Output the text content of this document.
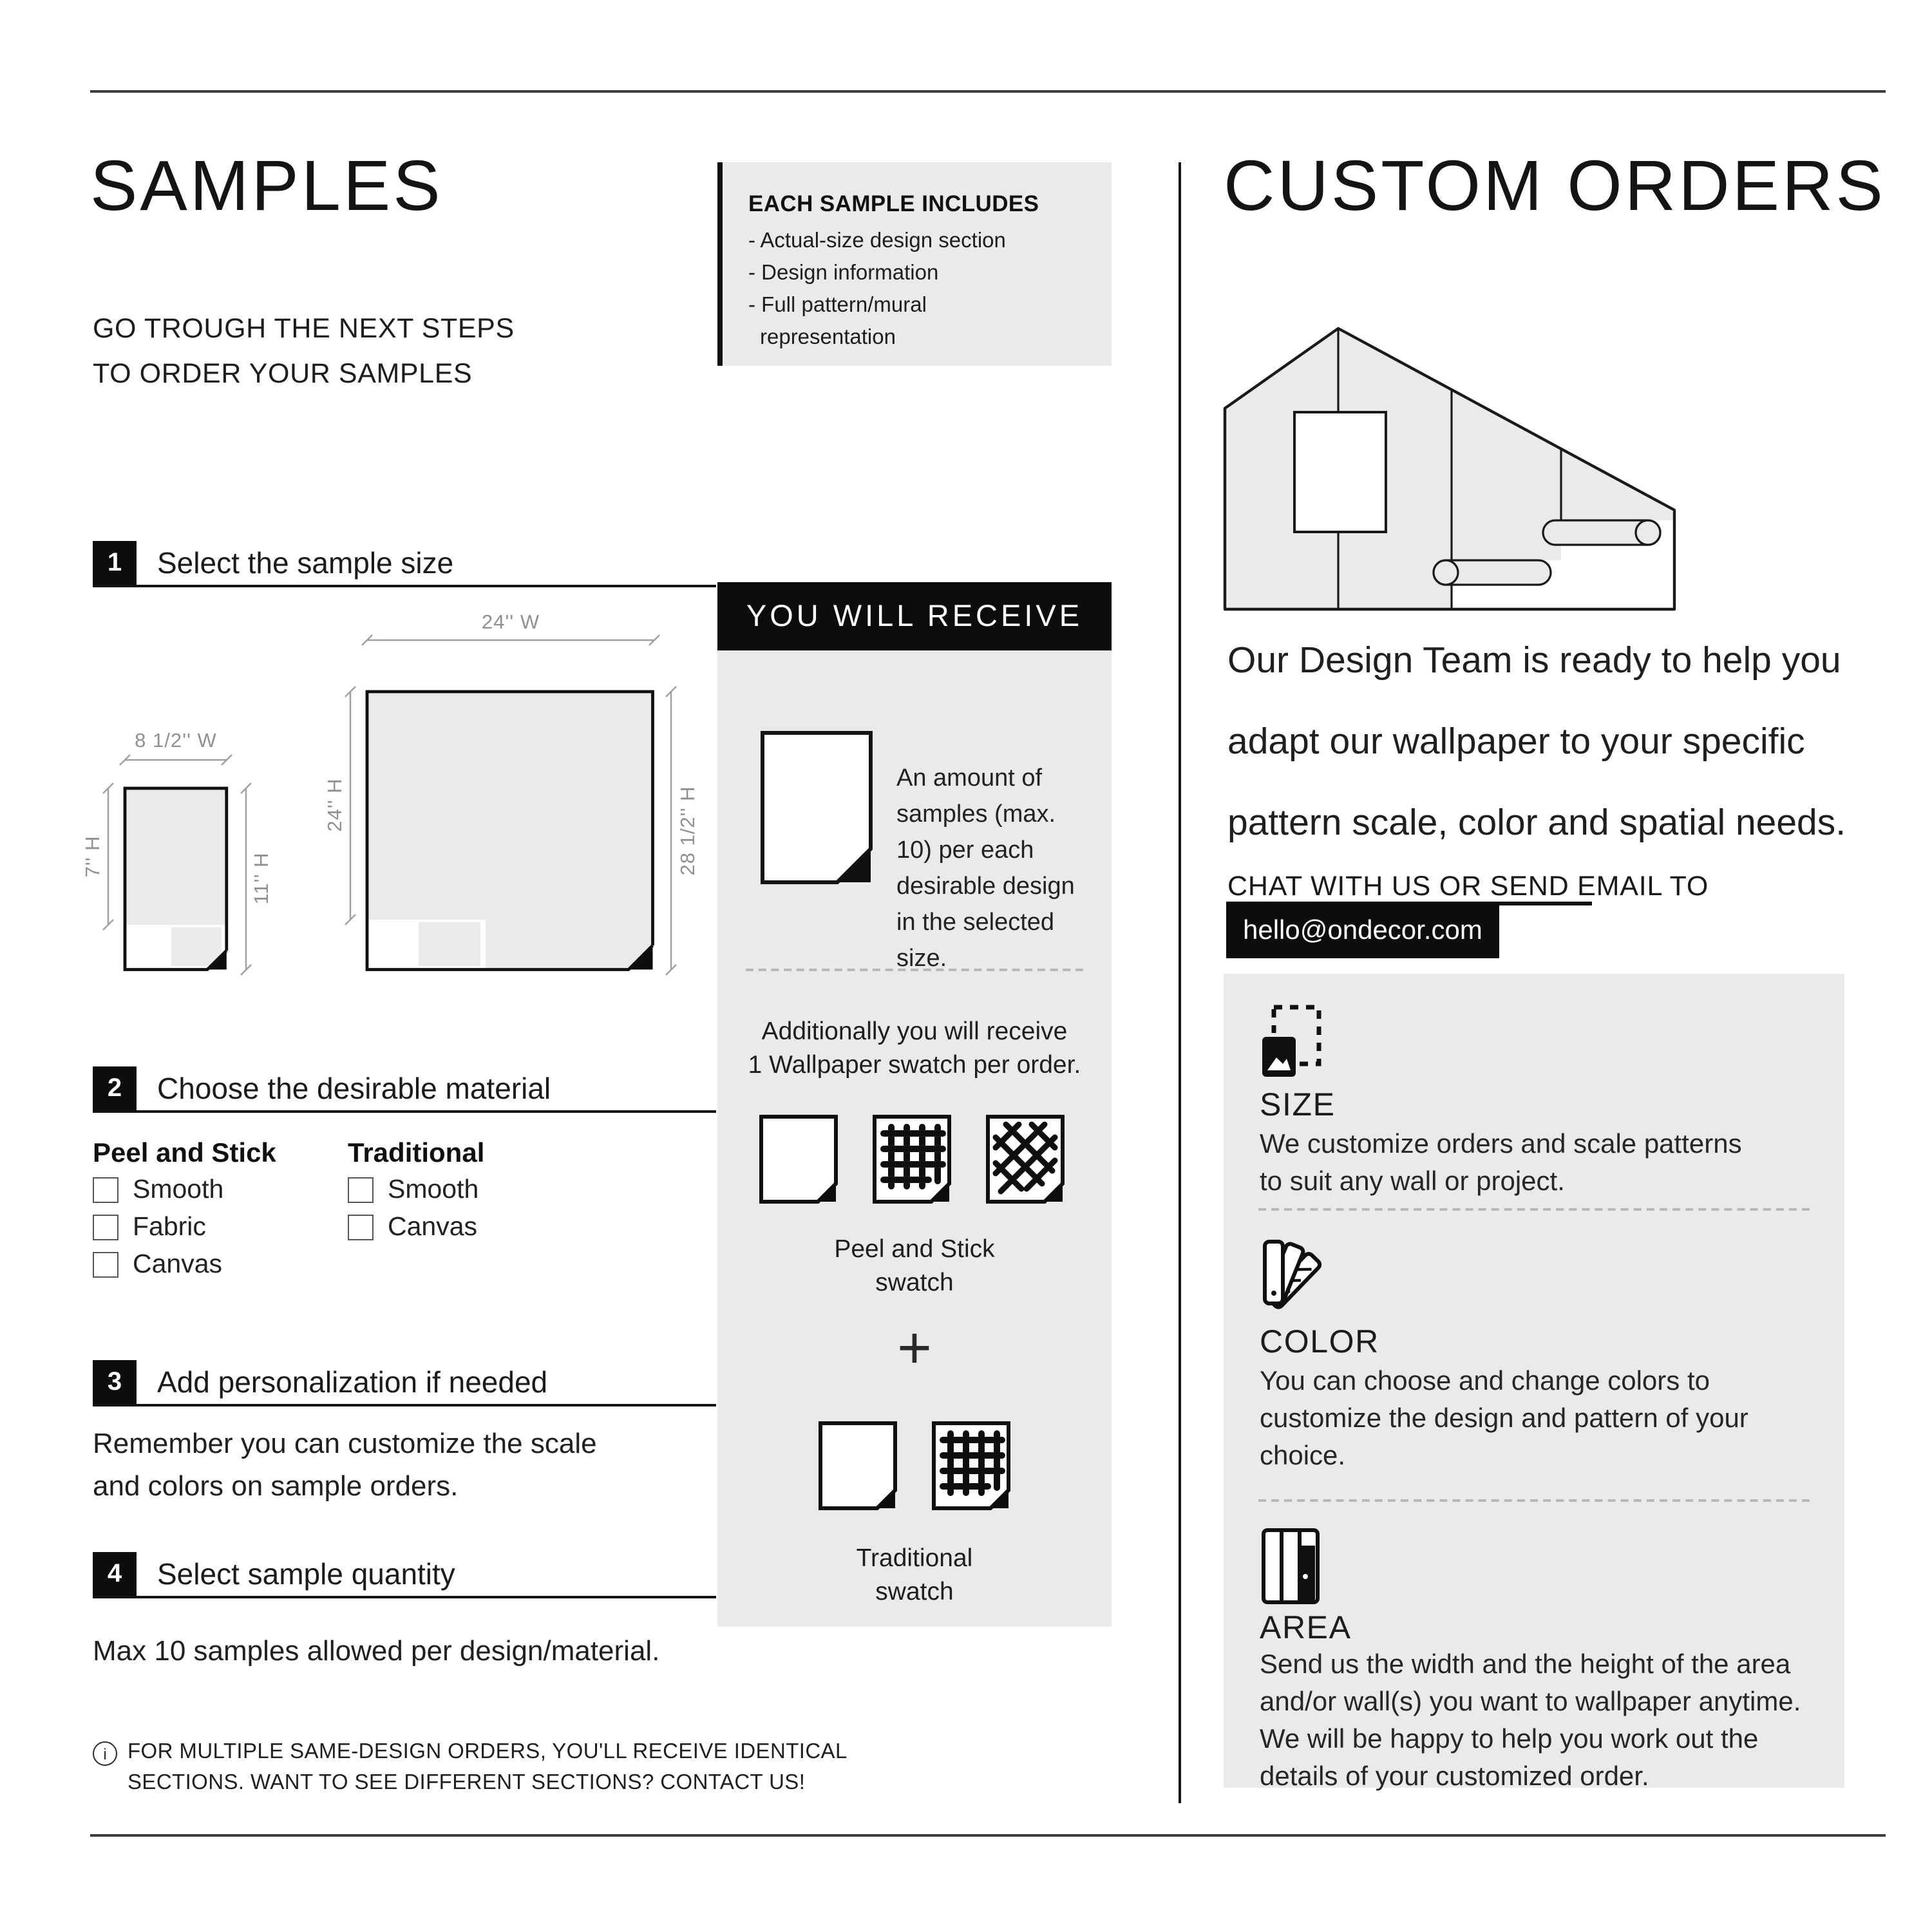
SAMPLES
GO TROUGH THE NEXT STEPS
TO ORDER YOUR SAMPLES
1	Select the sample size
24'' W
24'' H	28 1/2'' H
8 1/2'' W
7'' H	11'' H
2	Choose the desirable material
Peel and Stick	Traditional
Smooth
Fabric
Canvas
Smooth
Canvas
3	Add personalization if needed
Remember you can customize the scale
and colors on sample orders.
4	Select sample quantity
Max 10 samples allowed per design/material.
i	FOR MULTIPLE SAME-DESIGN ORDERS, YOU'LL RECEIVE IDENTICAL
SECTIONS. WANT TO SEE DIFFERENT SECTIONS? CONTACT US!
EACH SAMPLE INCLUDES
- Actual-size design section
- Design information
- Full pattern/mural
representation
YOU WILL RECEIVE
An amount of samples (max. 10) per each desirable design in the selected size.
Additionally you will receive
1 Wallpaper swatch per order.
Peel and Stick
swatch
+
Traditional
swatch
CUSTOM ORDERS
Our Design Team is ready to help you
adapt our wallpaper to your specific
pattern scale, color and spatial needs.
CHAT WITH US OR SEND EMAIL TO
hello@ondecor.com
SIZE
We customize orders and scale patterns
to suit any wall or project.
COLOR
You can choose and change colors to
customize the design and pattern of your
choice.
AREA
Send us the width and the height of the area
and/or wall(s) you want to wallpaper anytime.
We will be happy to help you work out the
details of your customized order.
